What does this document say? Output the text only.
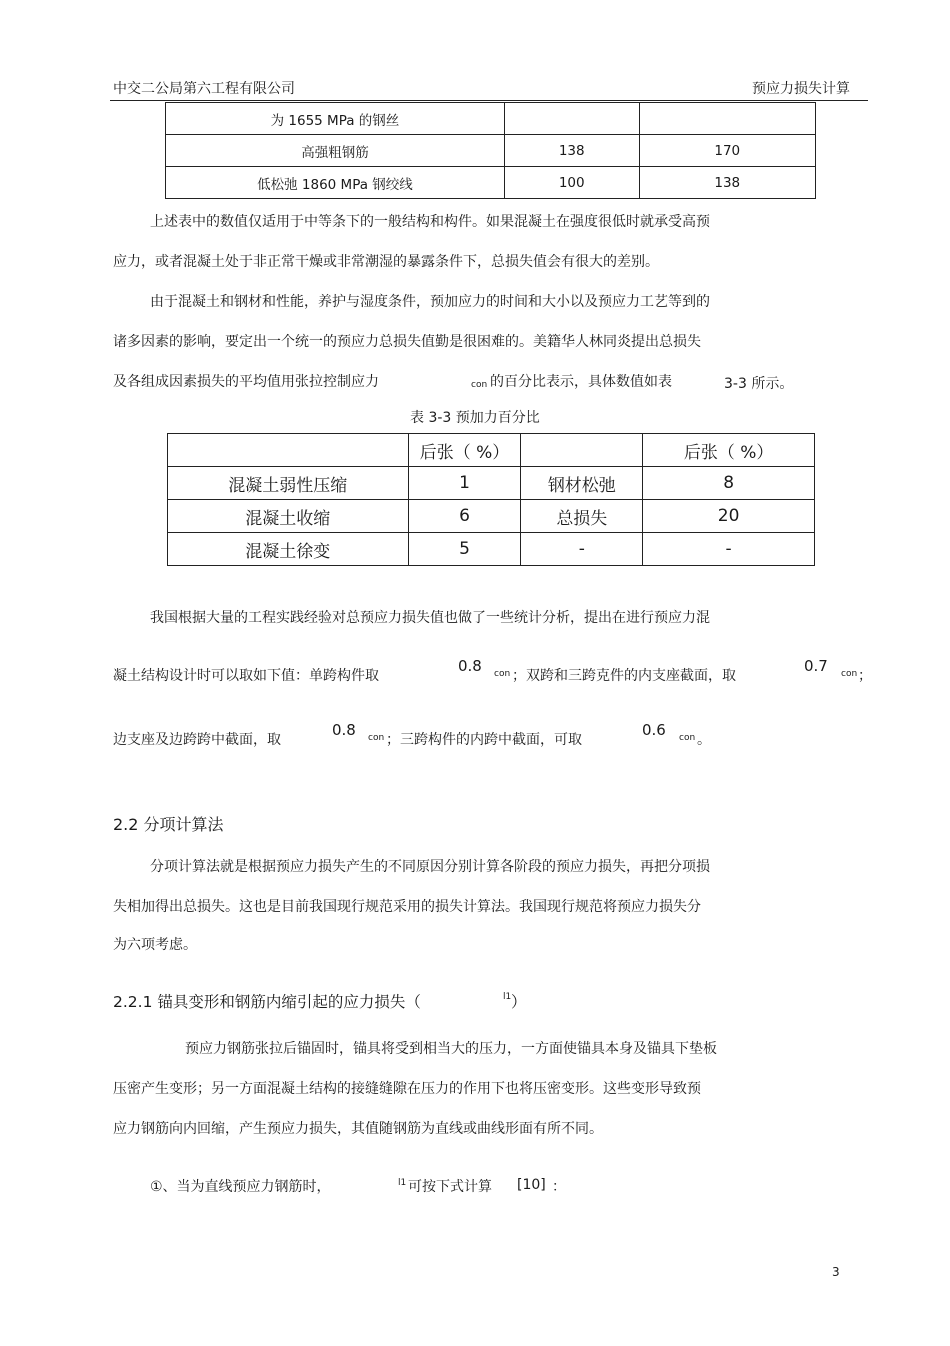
中交二公局第六工程有限公司	预应力损失计算
为 1655 MPa 的钢丝		
高强粗钢筋	138	170
低松弛 1860 MPa 钢绞线	100	138
上述表中的数值仅适用于中等条下的一般结构和构件。如果混凝土在强度很低时就承受高预
应力，或者混凝土处于非正常干燥或非常潮湿的暴露条件下，总损失值会有很大的差别。
由于混凝土和钢材和性能，养护与湿度条件，预加应力的时间和大小以及预应力工艺等到的
诸多因素的影响，要定出一个统一的预应力总损失值勤是很困难的。美籍华人林同炎提出总损失
及各组成因素损失的平均值用张拉控制应力	con 的百分比表示，具体数值如表	3-3 所示。
表 3-3 预加力百分比
	后张（ %）		后张（ %）
混凝土弱性压缩	1	钢材松弛	8
混凝土收缩	6	总损失	20
混凝土徐变	5	-	-
我国根据大量的工程实践经验对总预应力损失值也做了一些统计分析，提出在进行预应力混
凝土结构设计时可以取如下值：单跨构件取
0.8 con ；双跨和三跨克件的内支座截面，取
0.7 con ；
边支座及边跨跨中截面，取
0.8 con ；三跨构件的内跨中截面，可取
0.6 con 。
2.2 分项计算法
分项计算法就是根据预应力损失产生的不同原因分别计算各阶段的预应力损失，再把分项损
失相加得出总损失。这也是目前我国现行规范采用的损失计算法。我国现行规范将预应力损失分
为六项考虑。
2.2.1 锚具变形和钢筋内缩引起的应力损失（	l1 ）
预应力钢筋张拉后锚固时，锚具将受到相当大的压力，一方面使锚具本身及锚具下垫板
压密产生变形；另一方面混凝土结构的接缝缝隙在压力的作用下也将压密变形。这些变形导致预
应力钢筋向内回缩，产生预应力损失，其值随钢筋为直线或曲线形面有所不同。
①、当为直线预应力钢筋时，	l1 可按下式计算 [10] ：
3
